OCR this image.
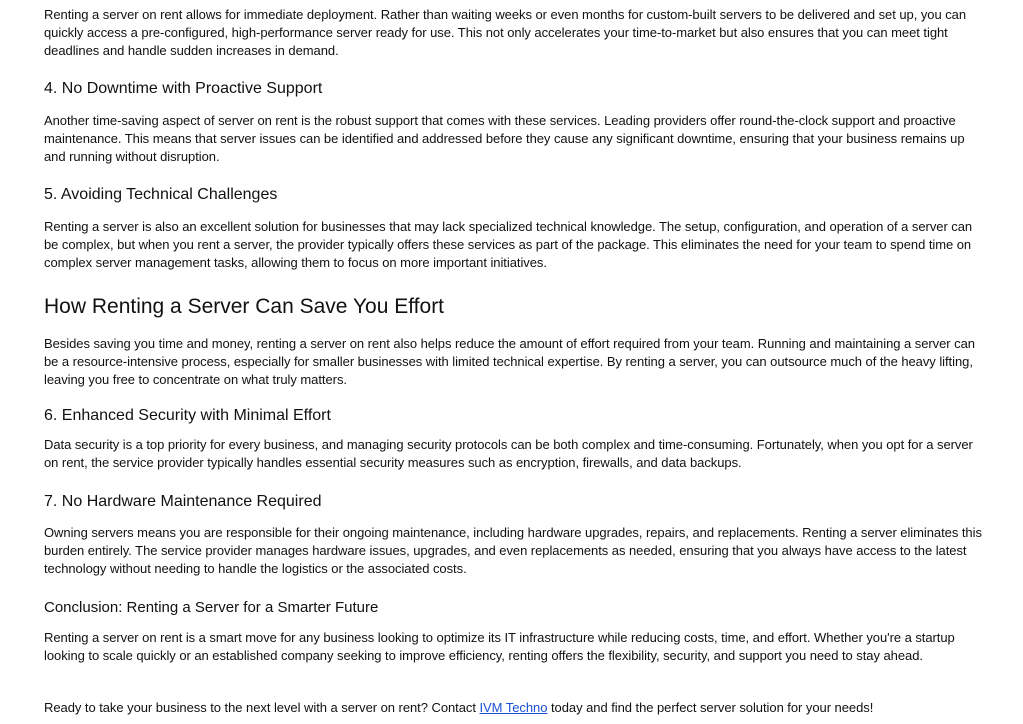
Renting a server on rent allows for immediate deployment. Rather than waiting weeks or even months for custom-built servers to be delivered and set up, you can quickly access a pre-configured, high-performance server ready for use. This not only accelerates your time-to-market but also ensures that you can meet tight deadlines and handle sudden increases in demand.

4. No Downtime with Proactive Support

Another time-saving aspect of server on rent is the robust support that comes with these services. Leading providers offer round-the-clock support and proactive maintenance. This means that server issues can be identified and addressed before they cause any significant downtime, ensuring that your business remains up and running without disruption.

5. Avoiding Technical Challenges

Renting a server is also an excellent solution for businesses that may lack specialized technical knowledge. The setup, configuration, and operation of a server can be complex, but when you rent a server, the provider typically offers these services as part of the package. This eliminates the need for your team to spend time on complex server management tasks, allowing them to focus on more important initiatives.

How Renting a Server Can Save You Effort

Besides saving you time and money, renting a server on rent also helps reduce the amount of effort required from your team. Running and maintaining a server can be a resource-intensive process, especially for smaller businesses with limited technical expertise. By renting a server, you can outsource much of the heavy lifting, leaving you free to concentrate on what truly matters.

6. Enhanced Security with Minimal Effort

Data security is a top priority for every business, and managing security protocols can be both complex and time-consuming. Fortunately, when you opt for a server on rent, the service provider typically handles essential security measures such as encryption, firewalls, and data backups.

7. No Hardware Maintenance Required

Owning servers means you are responsible for their ongoing maintenance, including hardware upgrades, repairs, and replacements. Renting a server eliminates this burden entirely. The service provider manages hardware issues, upgrades, and even replacements as needed, ensuring that you always have access to the latest technology without needing to handle the logistics or the associated costs.

Conclusion: Renting a Server for a Smarter Future

Renting a server on rent is a smart move for any business looking to optimize its IT infrastructure while reducing costs, time, and effort. Whether you're a startup looking to scale quickly or an established company seeking to improve efficiency, renting offers the flexibility, security, and support you need to stay ahead.

Ready to take your business to the next level with a server on rent? Contact IVM Techno today and find the perfect server solution for your needs!
